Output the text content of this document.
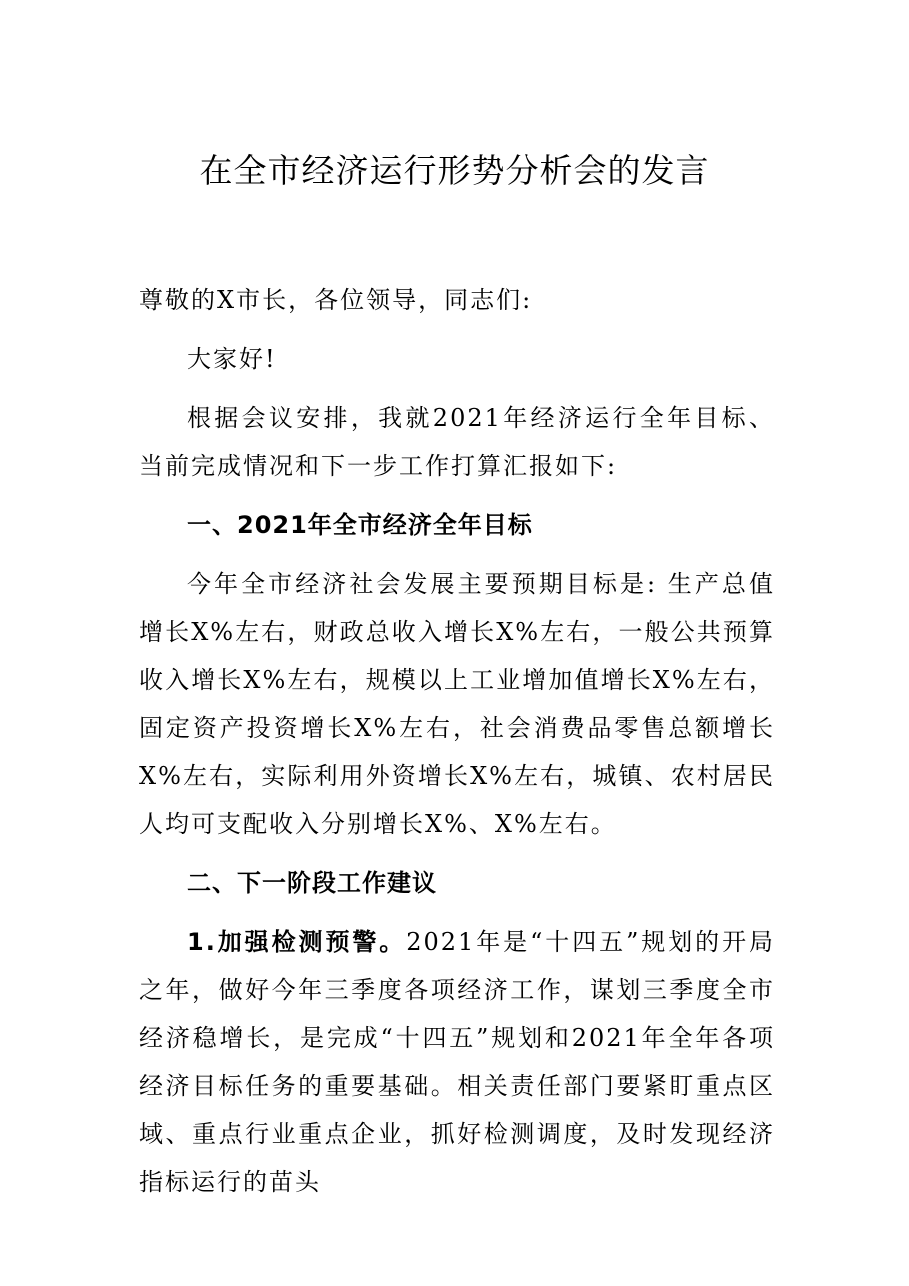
在全市经济运行形势分析会的发言

尊敬的X市长，各位领导，同志们:

大家好!

根据会议安排，我就2021年经济运行全年目标、当前完成情况和下一步工作打算汇报如下:

一、2021年全市经济全年目标

今年全市经济社会发展主要预期目标是: 生产总值增长X%左右，财政总收入增长X%左右，一般公共预算收入增长X%左右，规模以上工业增加值增长X%左右，固定资产投资增长X%左右，社会消费品零售总额增长X%左右，实际利用外资增长X%左右，城镇、农村居民人均可支配收入分别增长X%、X%左右。

二、下一阶段工作建议

1.加强检测预警。2021年是“十四五”规划的开局之年，做好今年三季度各项经济工作，谋划三季度全市经济稳增长，是完成“十四五”规划和2021年全年各项经济目标任务的重要基础。相关责任部门要紧盯重点区域、重点行业重点企业，抓好检测调度，及时发现经济指标运行的苗头
